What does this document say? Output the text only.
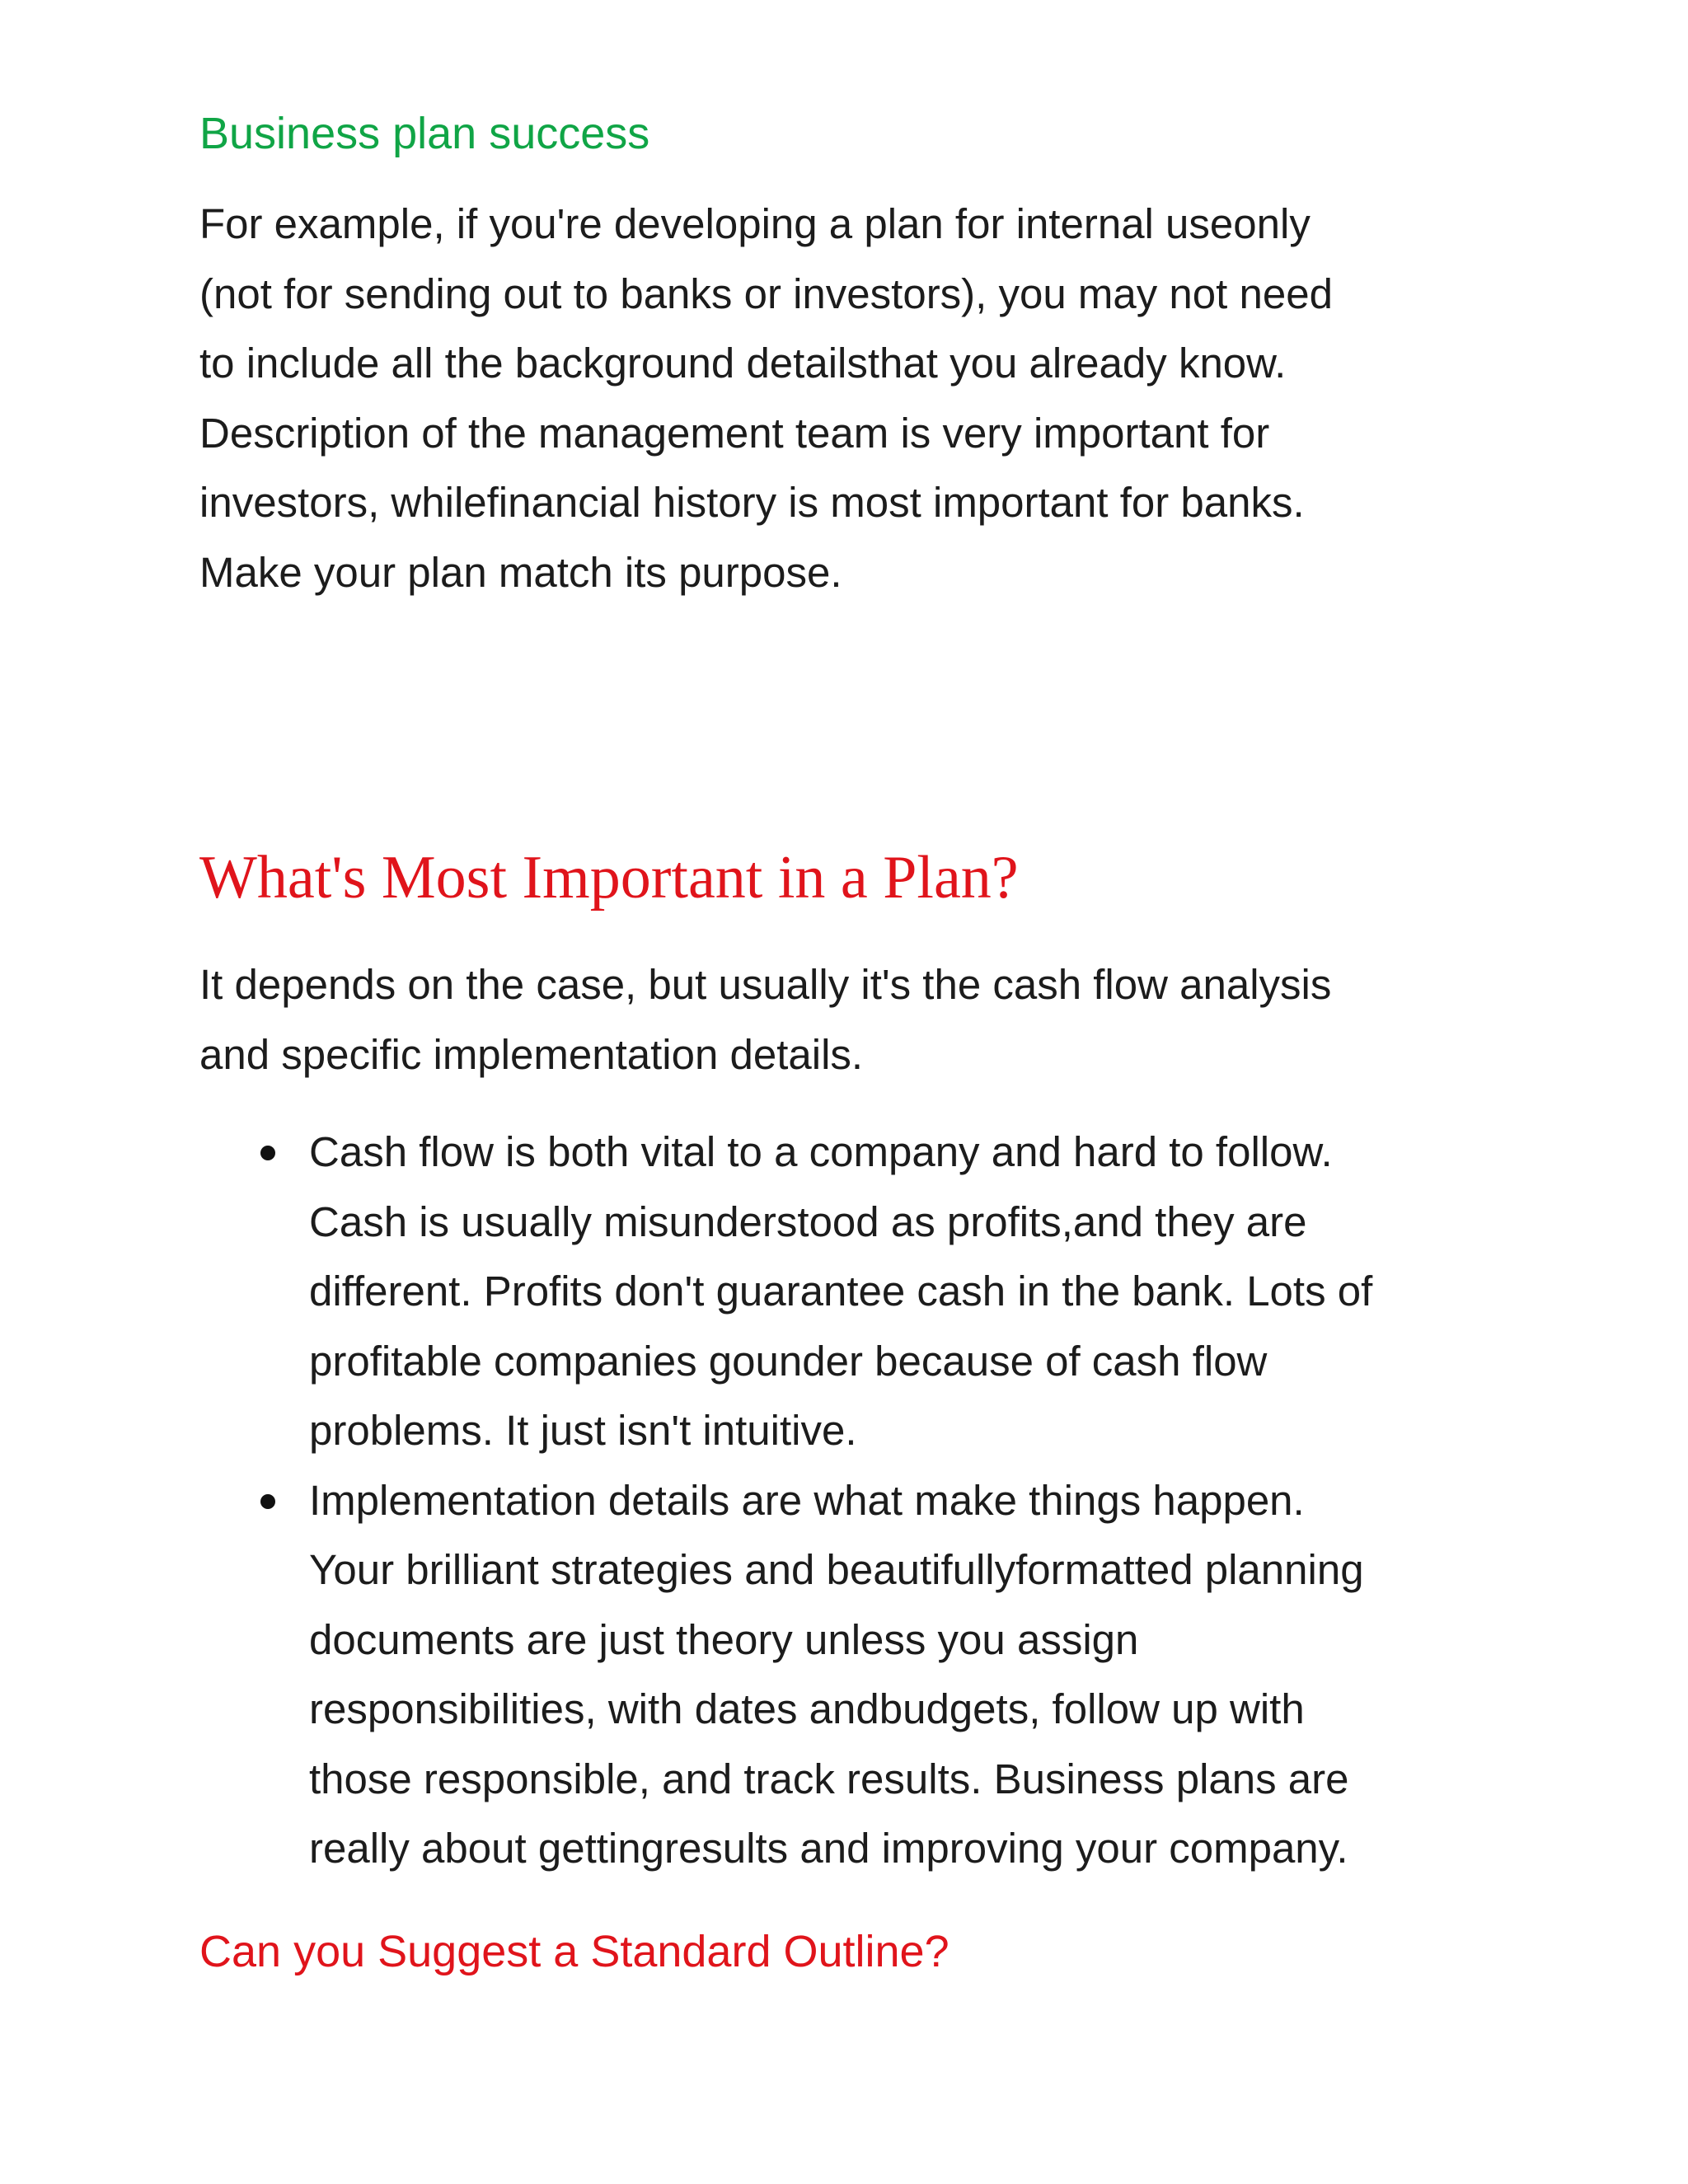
Business plan success

For example, if you're developing a plan for internal useonly
(not for sending out to banks or investors), you may not need
to include all the background detailsthat you already know.
Description of the management team is very important for
investors, whilefinancial history is most important for banks.
Make your plan match its purpose.

What's Most Important in a Plan?

It depends on the case, but usually it's the cash flow analysis
and specific implementation details.

Cash flow is both vital to a company and hard to follow.
Cash is usually misunderstood as profits,and they are
different. Profits don't guarantee cash in the bank. Lots of
profitable companies gounder because of cash flow
problems. It just isn't intuitive.
Implementation details are what make things happen.
Your brilliant strategies and beautifullyformatted planning
documents are just theory unless you assign
responsibilities, with dates andbudgets, follow up with
those responsible, and track results. Business plans are
really about gettingresults and improving your company.
Can you Suggest a Standard Outline?
